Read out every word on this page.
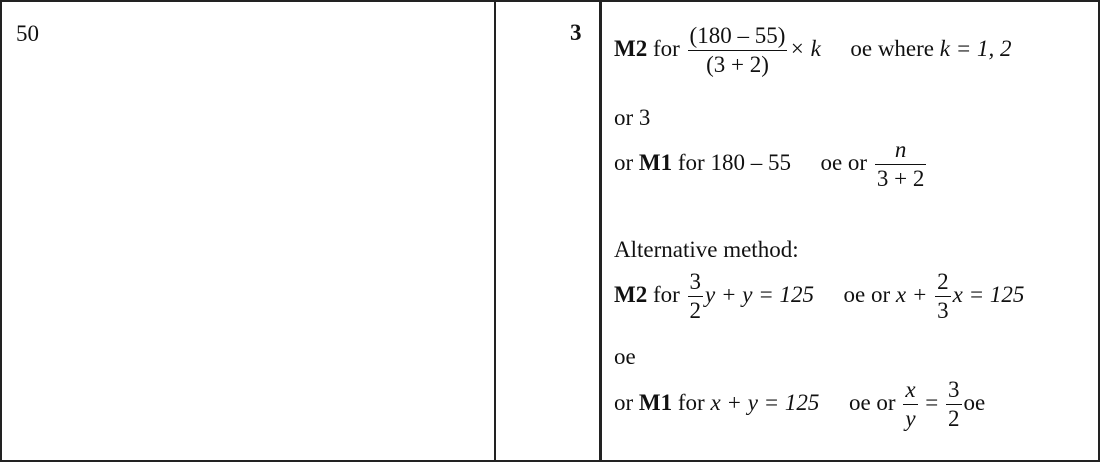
50	3
M2 for $\frac{(180 - 55)}{(3 + 2)} \times k$ oe where k = 1, 2
or 3
or M1 for 180 – 55 oe or $\frac{n}{3 + 2}$
Alternative method:
M2 for $\frac{3}{2}$ y + y = 125 oe or $x + \frac{2}{3}$ x = 125
oe
or M1 for x + y = 125 oe or $\frac{x}{y} = \frac{3}{2}$ oe
